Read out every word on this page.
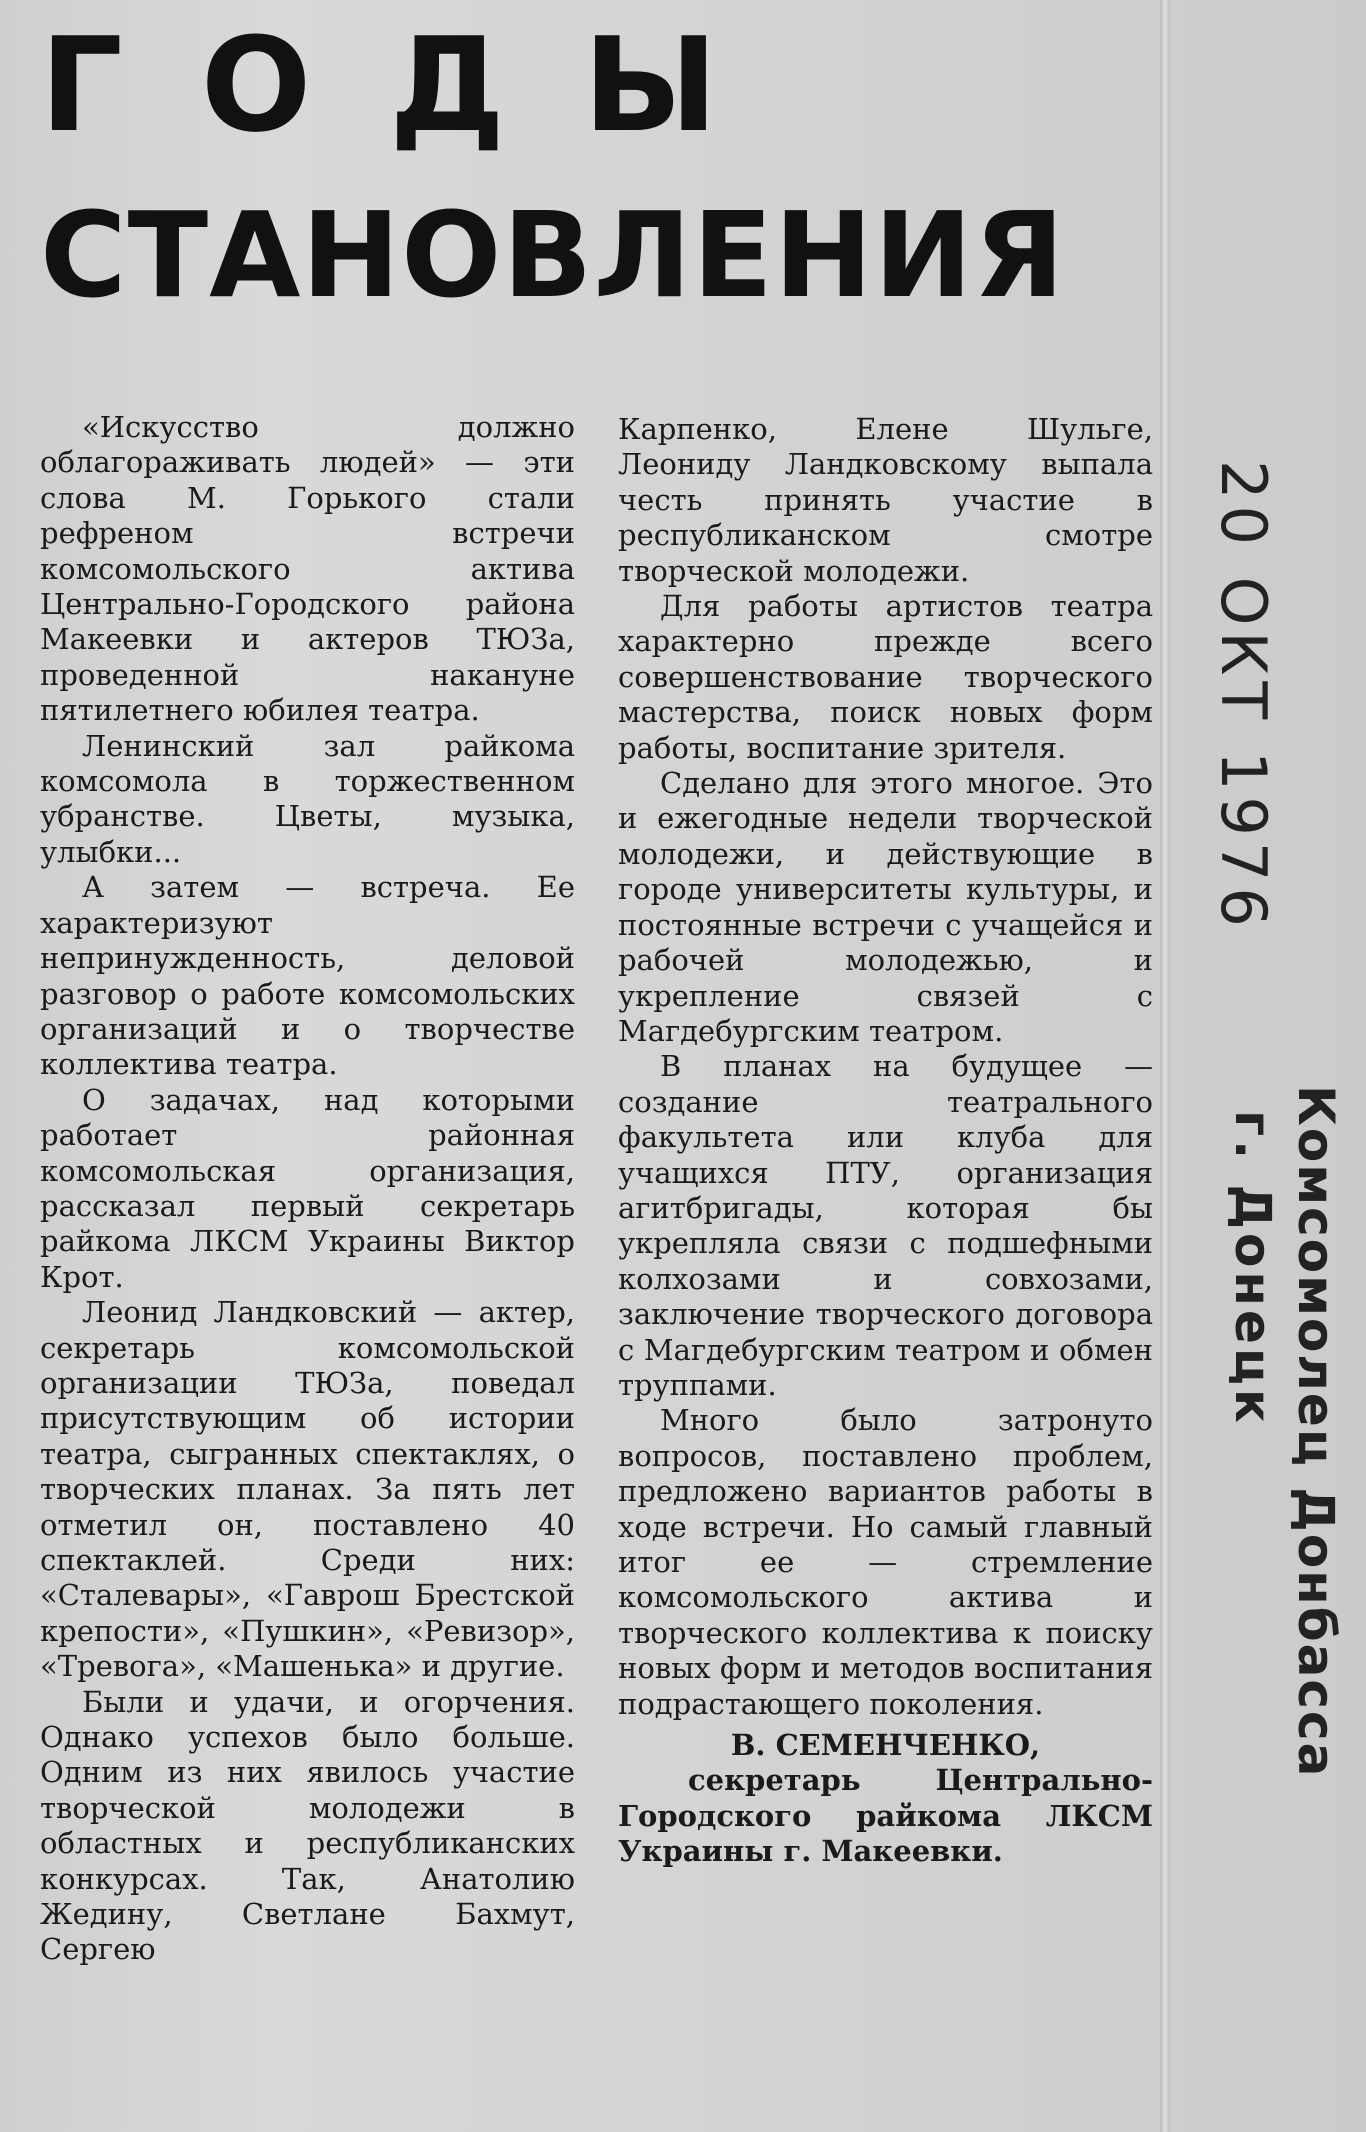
ГОДЫ
СТАНОВЛЕНИЯ

«Искусство должно облагораживать людей» — эти слова М. Горького стали рефреном встречи комсомольского актива Центрально-Городского района Макеевки и актеров ТЮЗа, проведенной накануне пятилетнего юбилея театра.

Ленинский зал райкома комсомола в торжественном убранстве. Цветы, музыка, улыбки...

А затем — встреча. Ее характеризуют непринужденность, деловой разговор о работе комсомольских организаций и о творчестве коллектива театра.

О задачах, над которыми работает районная комсомольская организация, рассказал первый секретарь райкома ЛКСМ Украины Виктор Крот.

Леонид Ландковский — актер, секретарь комсомольской организации ТЮЗа, поведал присутствующим об истории театра, сыгранных спектаклях, о творческих планах. За пять лет отметил он, поставлено 40 спектаклей. Среди них: «Сталевары», «Гаврош Брестской крепости», «Пушкин», «Ревизор», «Тревога», «Машенька» и другие.

Были и удачи, и огорчения. Однако успехов было больше. Одним из них явилось участие творческой молодежи в областных и республиканских конкурсах. Так, Анатолию Жедину, Светлане Бахмут, Сергею

Карпенко, Елене Шульге, Леониду Ландковскому выпала честь принять участие в республиканском смотре творческой молодежи.

Для работы артистов театра характерно прежде всего совершенствование творческого мастерства, поиск новых форм работы, воспитание зрителя.

Сделано для этого многое. Это и ежегодные недели творческой молодежи, и действующие в городе университеты культуры, и постоянные встречи с учащейся и рабочей молодежью, и укрепление связей с Магдебургским театром.

В планах на будущее — создание театрального факультета или клуба для учащихся ПТУ, организация агитбригады, которая бы укрепляла связи с подшефными колхозами и совхозами, заключение творческого договора с Магдебургским театром и обмен труппами.

Много было затронуто вопросов, поставлено проблем, предложено вариантов работы в ходе встречи. Но самый главный итог ее — стремление комсомольского актива и творческого коллектива к поиску новых форм и методов воспитания подрастающего поколения.

В. СЕМЕНЧЕНКО,
секретарь Центрально-Городского райкома ЛКСМ Украины г. Макеевки.
20 ОКТ 1976
Комсомолец Донбасса
г. Донецк
